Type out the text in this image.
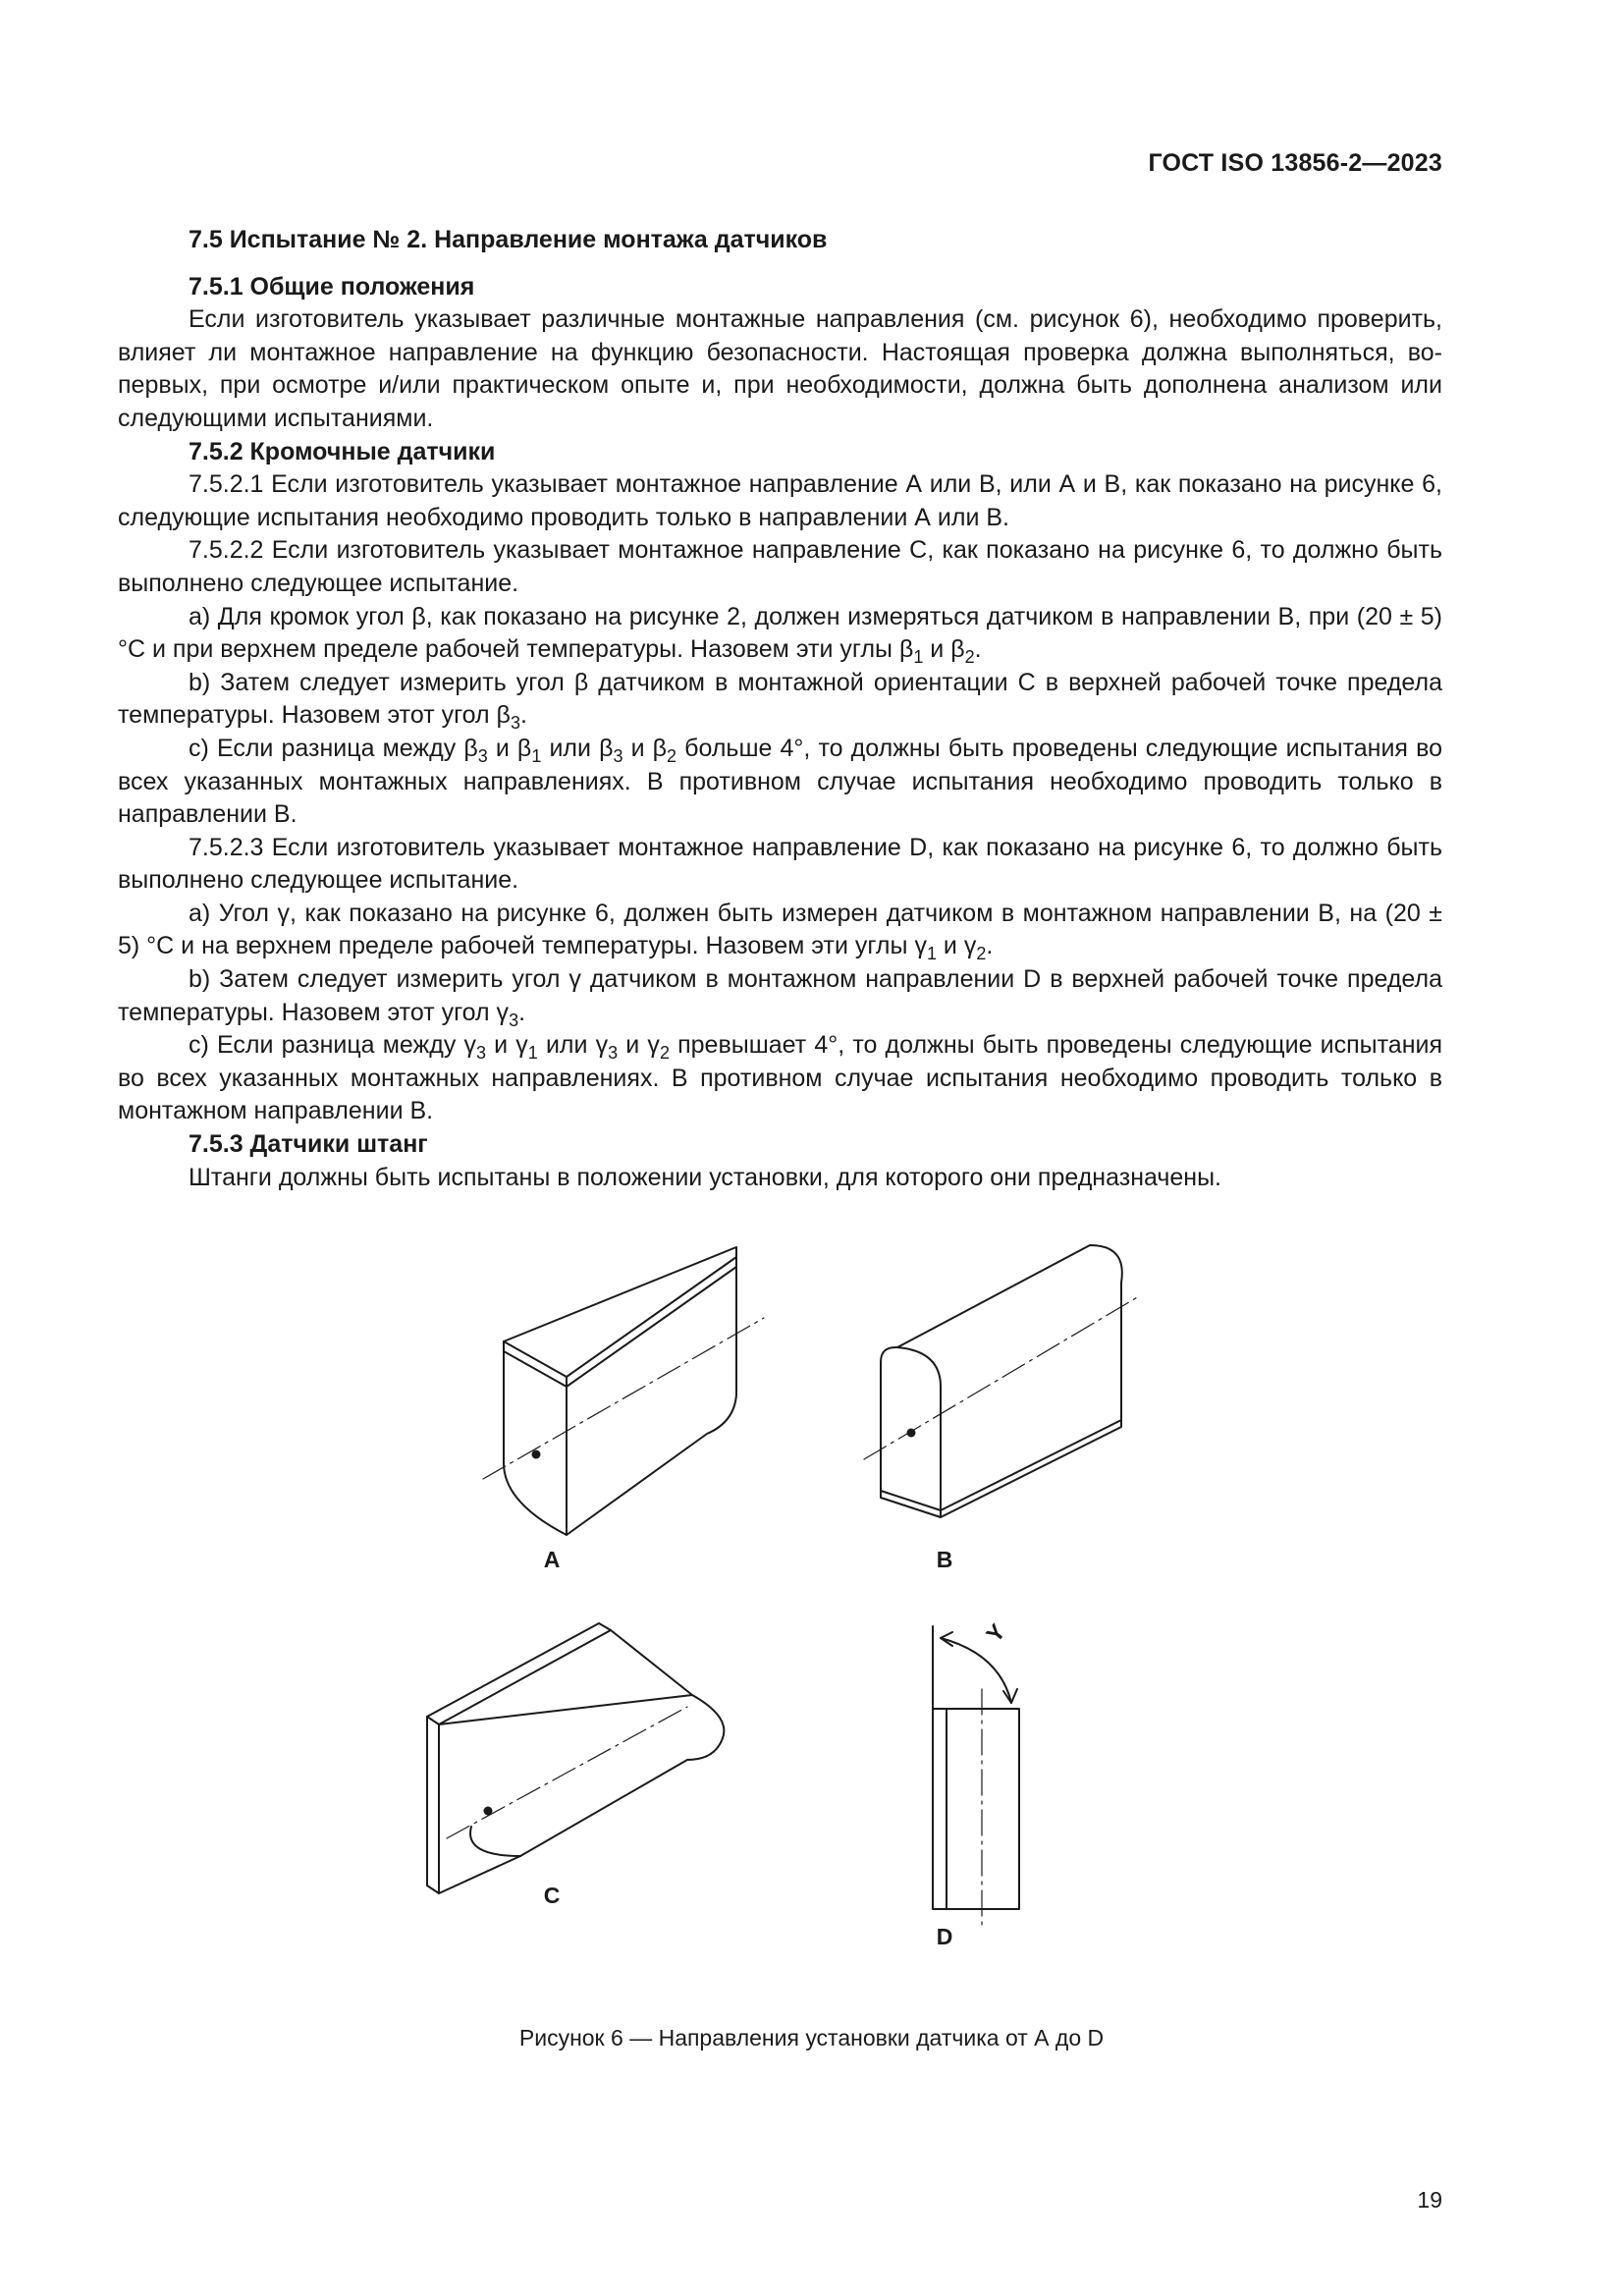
ГОСТ ISO 13856-2—2023

7.5 Испытание № 2. Направление монтажа датчиков

7.5.1 Общие положения

Если изготовитель указывает различные монтажные направления (см. рисунок 6), необходимо проверить, влияет ли монтажное направление на функцию безопасности. Настоящая проверка должна выполняться, во-первых, при осмотре и/или практическом опыте и, при необходимости, должна быть дополнена анализом или следующими испытаниями.

7.5.2 Кромочные датчики

7.5.2.1 Если изготовитель указывает монтажное направление А или В, или А и В, как показано на рисунке 6, следующие испытания необходимо проводить только в направлении А или В.

7.5.2.2 Если изготовитель указывает монтажное направление С, как показано на рисунке 6, то должно быть выполнено следующее испытание.

а) Для кромок угол β, как показано на рисунке 2, должен измеряться датчиком в направлении В, при (20 ± 5) °С и при верхнем пределе рабочей температуры. Назовем эти углы $\beta_1$ и $\beta_2$.

b) Затем следует измерить угол β датчиком в монтажной ориентации С в верхней рабочей точке предела температуры. Назовем этот угол $\beta_3$.

с) Если разница между $\beta_3$ и $\beta_1$ или $\beta_3$ и $\beta_2$ больше 4°, то должны быть проведены следующие испытания во всех указанных монтажных направлениях. В противном случае испытания необходимо проводить только в направлении В.

7.5.2.3 Если изготовитель указывает монтажное направление D, как показано на рисунке 6, то должно быть выполнено следующее испытание.

а) Угол γ, как показано на рисунке 6, должен быть измерен датчиком в монтажном направлении В, на (20 ± 5) °С и на верхнем пределе рабочей температуры. Назовем эти углы $\gamma_1$ и $\gamma_2$.

b) Затем следует измерить угол γ датчиком в монтажном направлении D в верхней рабочей точке предела температуры. Назовем этот угол $\gamma_3$.

с) Если разница между $\gamma_3$ и $\gamma_1$ или $\gamma_3$ и $\gamma_2$ превышает 4°, то должны быть проведены следующие испытания во всех указанных монтажных направлениях. В противном случае испытания необходимо проводить только в монтажном направлении В.

7.5.3 Датчики штанг

Штанги должны быть испытаны в положении установки, для которого они предназначены.

A	B
C
D
Y
Рисунок 6 — Направления установки датчика от А до D
19
